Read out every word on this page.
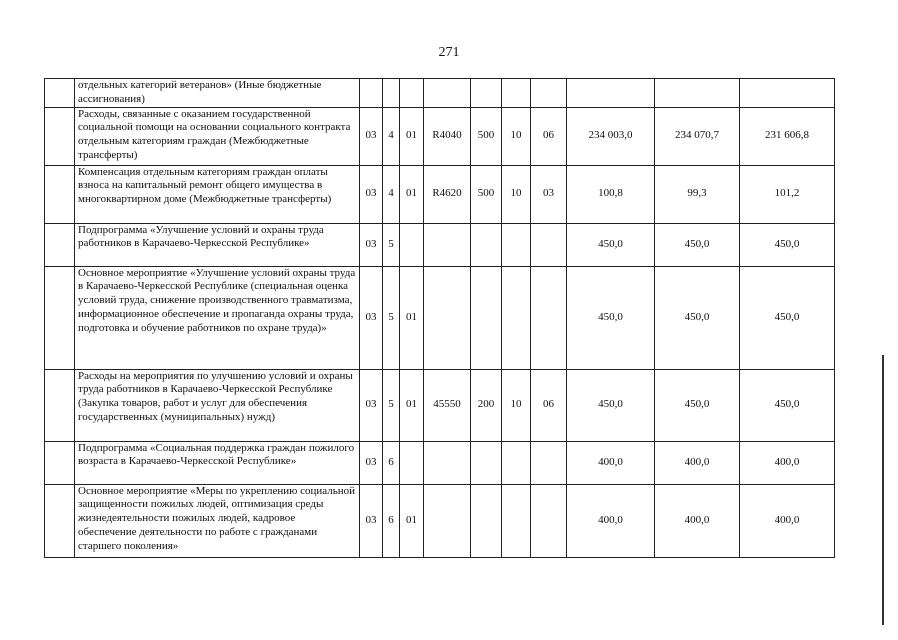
271
	отдельных категорий ветеранов» (Иные бюджетные ассигнования)										
	Расходы, связанные с оказанием государственной социальной помощи на основании социального контракта отдельным категориям граждан (Межбюджетные трансферты)	03	4	01	R4040	500	10	06	234 003,0	234 070,7	231 606,8
	Компенсация отдельным категориям граждан оплаты взноса на капитальный ремонт общего имущества в многоквартирном доме (Межбюджетные трансферты)	03	4	01	R4620	500	10	03	100,8	99,3	101,2
	Подпрограмма «Улучшение условий и охраны труда работников в Карачаево-Черкесской Республике»	03	5						450,0	450,0	450,0
	Основное мероприятие «Улучшение условий охраны труда в Карачаево-Черкесской Республике (специальная оценка условий труда, снижение производственного травматизма, информационное обеспечение и пропаганда охраны труда, подготовка и обучение работников по охране труда)»	03	5	01					450,0	450,0	450,0
	Расходы на мероприятия по улучшению условий и охраны труда работников в Карачаево-Черкесской Республике (Закупка товаров, работ и услуг для обеспечения государственных (муниципальных) нужд)	03	5	01	45550	200	10	06	450,0	450,0	450,0
	Подпрограмма «Социальная поддержка граждан пожилого возраста в Карачаево-Черкесской Республике»	03	6						400,0	400,0	400,0
	Основное мероприятие «Меры по укреплению социальной защищенности пожилых людей, оптимизация среды жизнедеятельности пожилых людей, кадровое обеспечение деятельности по работе с гражданами старшего поколения»	03	6	01					400,0	400,0	400,0
